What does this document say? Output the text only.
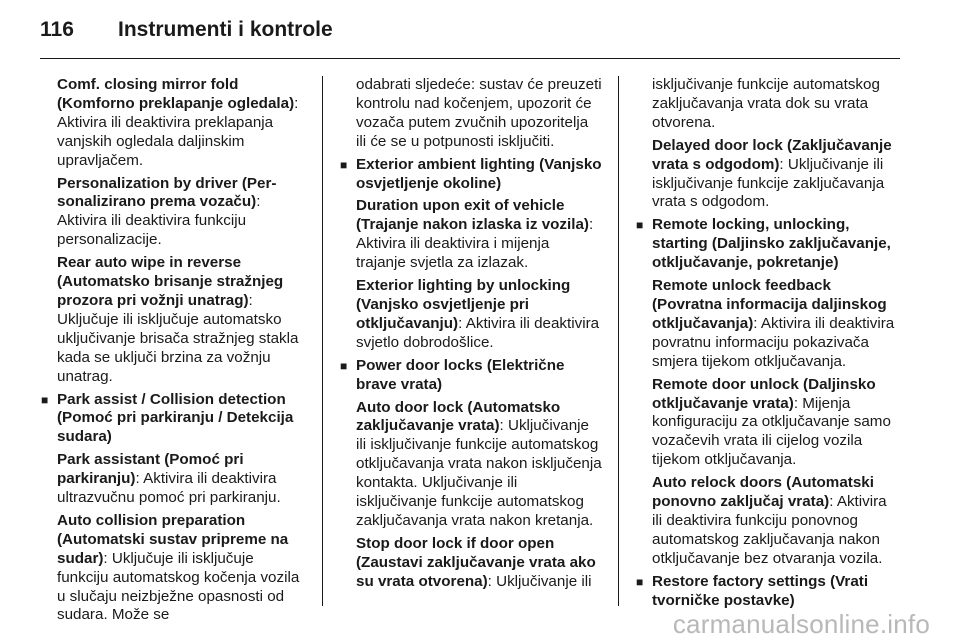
116	Instrumenti i kontrole

Comf. closing mirror fold (Komforno preklapanje ogledala): Aktivira ili deaktivira preklapanja vanjskih ogledala daljinskim upravljačem.

Personalization by driver (Personalizirano prema vozaču): Aktivira ili deaktivira funkciju personalizacije.

Rear auto wipe in reverse (Automatsko brisanje stražnjeg prozora pri vožnji unatrag): Uključuje ili isključuje automatsko uključivanje brisača stražnjeg stakla kada se uključi brzina za vožnju unatrag.

■ Park assist / Collision detection (Pomoć pri parkiranju / Detekcija sudara)

Park assistant (Pomoć pri parkiranju): Aktivira ili deaktivira ultrazvučnu pomoć pri parkiranju.

Auto collision preparation (Automatski sustav pripreme na sudar): Uključuje ili isključuje funkciju automatskog kočenja vozila u slučaju neizbježne opasnosti od sudara. Može se

odabrati sljedeće: sustav će preuzeti kontrolu nad kočenjem, upozorit će vozača putem zvučnih upozoritelja ili će se u potpunosti isključiti.

■ Exterior ambient lighting (Vanjsko osvjetljenje okoline)

Duration upon exit of vehicle (Trajanje nakon izlaska iz vozila): Aktivira ili deaktivira i mijenja trajanje svjetla za izlazak.

Exterior lighting by unlocking (Vanjsko osvjetljenje pri otključavanju): Aktivira ili deaktivira svjetlo dobrodošlice.

■ Power door locks (Električne brave vrata)

Auto door lock (Automatsko zaključavanje vrata): Uključivanje ili isključivanje funkcije automatskog otključavanja vrata nakon isključenja kontakta. Uključivanje ili isključivanje funkcije automatskog zaključavanja vrata nakon kretanja.

Stop door lock if door open (Zaustavi zaključavanje vrata ako su vrata otvorena): Uključivanje ili

isključivanje funkcije automatskog zaključavanja vrata dok su vrata otvorena.

Delayed door lock (Zaključavanje vrata s odgodom): Uključivanje ili isključivanje funkcije zaključavanja vrata s odgodom.

■ Remote locking, unlocking, starting (Daljinsko zaključavanje, otključavanje, pokretanje)

Remote unlock feedback (Povratna informacija daljinskog otključavanja): Aktivira ili deaktivira povratnu informaciju pokazivača smjera tijekom otključavanja.

Remote door unlock (Daljinsko otključavanje vrata): Mijenja konfiguraciju za otključavanje samo vozačevih vrata ili cijelog vozila tijekom otključavanja.

Auto relock doors (Automatski ponovno zaključaj vrata): Aktivira ili deaktivira funkciju ponovnog automatskog zaključavanja nakon otključavanje bez otvaranja vozila.

■ Restore factory settings (Vrati tvorničke postavke)

carmanualsonline.info
